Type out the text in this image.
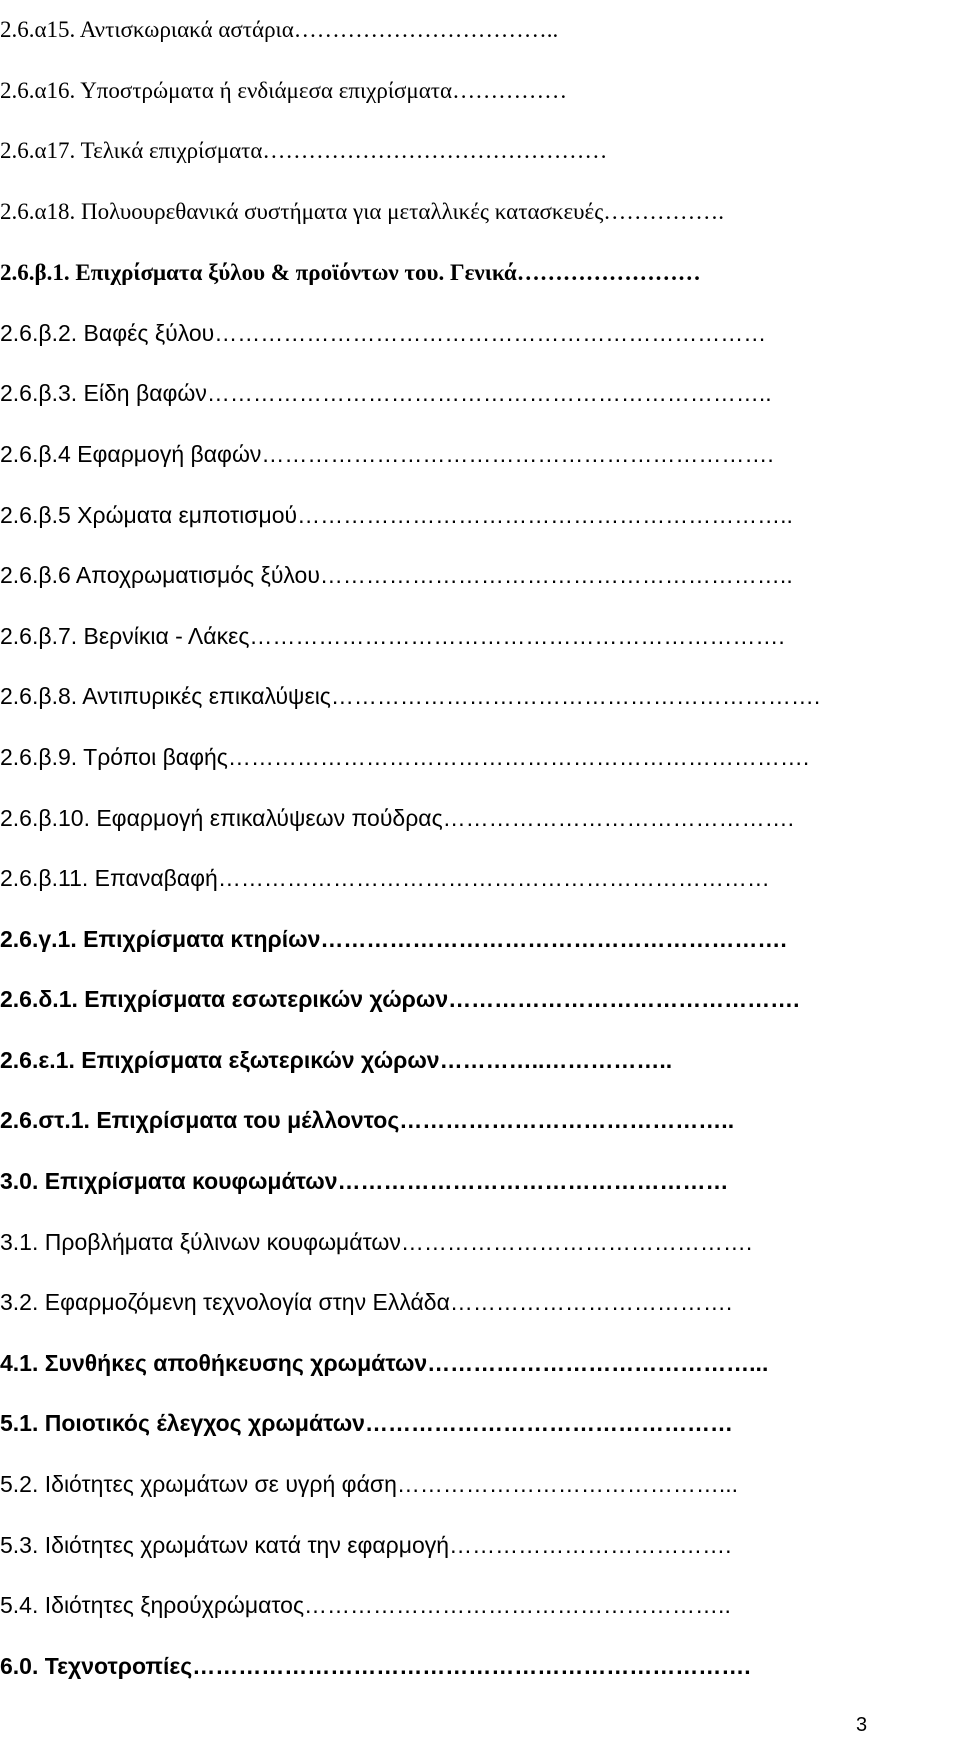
2.6.α15. Αντισκωριακά αστάρια……………………………..
2.6.α16. Υποστρώματα ή ενδιάμεσα επιχρίσματα……………
2.6.α17. Τελικά επιχρίσματα………………………………………
2.6.α18. Πολυουρεθανικά συστήματα για μεταλλικές κατασκευές…………….
2.6.β.1. Επιχρίσματα ξύλου & προϊόντων του. Γενικά……………………
2.6.β.2. Βαφές ξύλου………………………………………………………………
2.6.β.3. Είδη βαφών………………………………………………………………..
2.6.β.4 Εφαρμογή βαφών………………………………………………………….
2.6.β.5 Χρώματα εμποτισμού………………………………………………………..
2.6.β.6 Αποχρωματισμός ξύλου……………………………………………………..
2.6.β.7. Βερνίκια - Λάκες…………………………………………………………….
2.6.β.8. Αντιπυρικές επικαλύψεις……………………………………………………….
2.6.β.9. Τρόποι βαφής………………………………………………………………….
2.6.β.10. Εφαρμογή επικαλύψεων πούδρας……………………………………….
2.6.β.11. Επαναβαφή………………………………………………………………
2.6.γ.1. Επιχρίσματα κτηρίων…………………………………………………….
2.6.δ.1. Επιχρίσματα εσωτερικών χώρων……………………………………….
2.6.ε.1. Επιχρίσματα εξωτερικών χώρων…………..……………..
2.6.στ.1. Επιχρίσματα του μέλλοντος……………………………………..
3.0. Επιχρίσματα κουφωμάτων……………………………………………
3.1. Προβλήματα ξύλινων κουφωμάτων……………………………………….
3.2. Εφαρμοζόμενη τεχνολογία στην Ελλάδα……………………………….
4.1. Συνθήκες αποθήκευσης χρωμάτων……………………………………...
5.1. Ποιοτικός έλεγχος χρωμάτων…………………………………………
5.2. Ιδιότητες χρωμάτων σε υγρή φάση……………………………………...
5.3. Ιδιότητες χρωμάτων κατά την εφαρμογή……………………………….
5.4. Ιδιότητες ξηρούχρώματος………………………………………………..
6.0. Τεχνοτροπίες……………………………………………………………….
3
